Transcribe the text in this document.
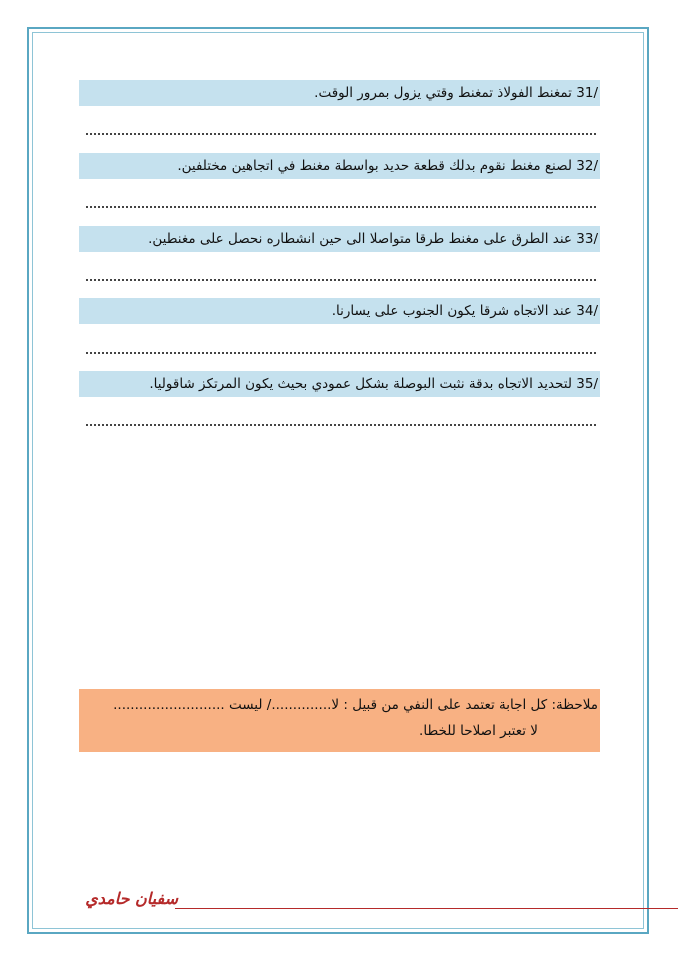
/31 تمغنط الفولاذ تمغنط وقتي يزول بمرور الوقت.
/32 لصنع مغنط نقوم بدلك قطعة حديد بواسطة مغنط في اتجاهين مختلفين.
/33 عند الطرق على مغنط طرقا متواصلا الى حين انشطاره نحصل على مغنطين.
/34 عند الاتجاه شرقا يكون الجنوب على يسارنا.
/35 لتحديد الاتجاه بدقة نثبت البوصلة بشكل عمودي بحيث يكون المرتكز شاقوليا.
ملاحظة: كل اجابة تعتمد على النفي من قبيل : لا............../ ليست ..........................
لا تعتبر اصلاحا للخطا.
سفيان حامدي
